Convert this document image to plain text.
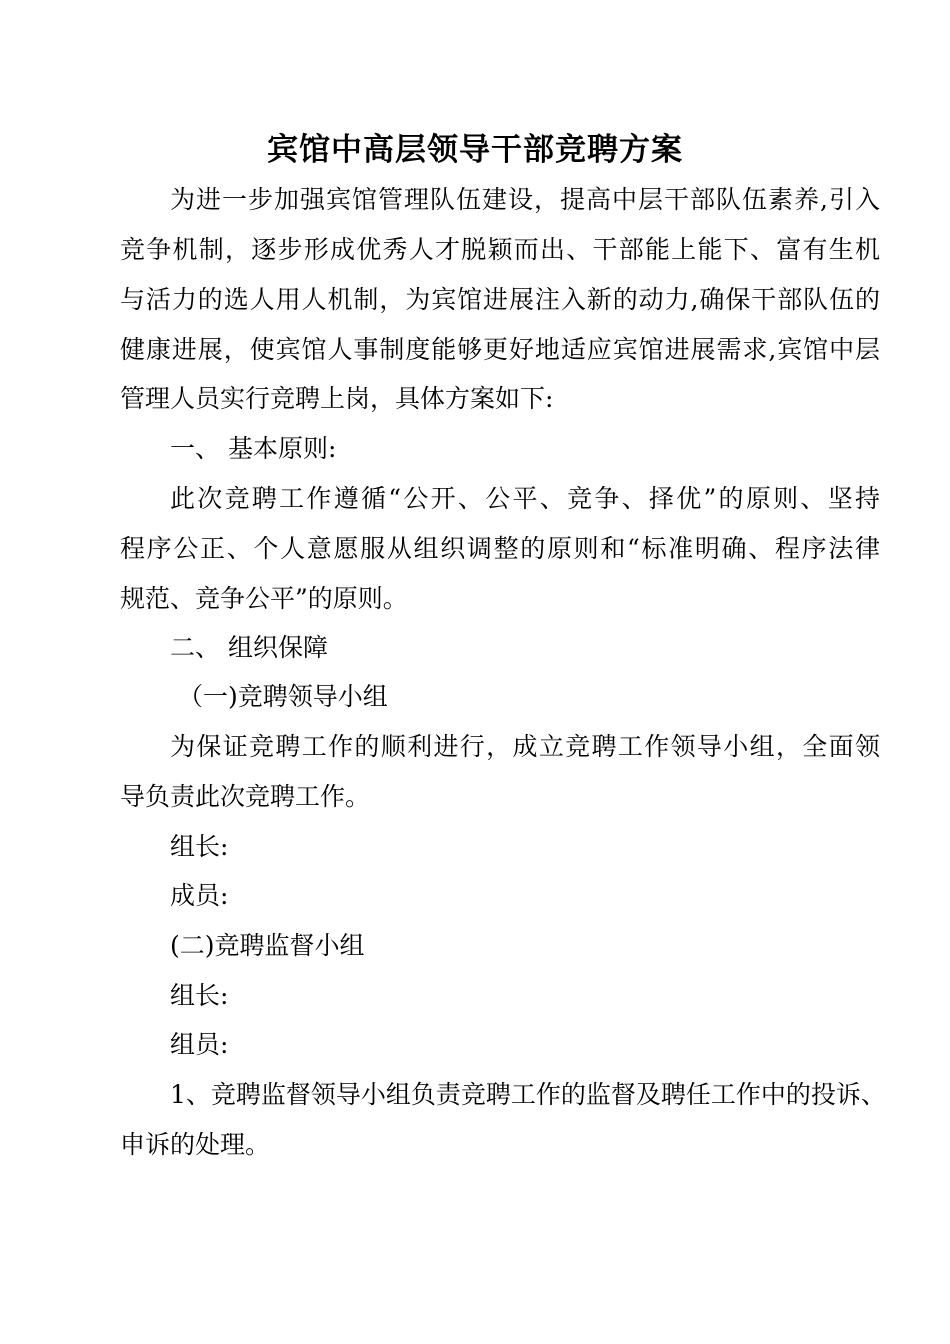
宾馆中高层领导干部竞聘方案
为进一步加强宾馆管理队伍建设，提高中层干部队伍素养,引入
竞争机制，逐步形成优秀人才脱颖而出、干部能上能下、富有生机
与活力的选人用人机制，为宾馆进展注入新的动力,确保干部队伍的
健康进展，使宾馆人事制度能够更好地适应宾馆进展需求,宾馆中层
管理人员实行竞聘上岗，具体方案如下:
一、 基本原则:
此次竞聘工作遵循“公开、公平、竞争、择优”的原则、坚持
程序公正、个人意愿服从组织调整的原则和“标准明确、程序法律
规范、竞争公平”的原则。
二、 组织保障
（一)竞聘领导小组
为保证竞聘工作的顺利进行，成立竞聘工作领导小组，全面领
导负责此次竞聘工作。
组长:
成员:
(二)竞聘监督小组
组长:
组员:
1、竞聘监督领导小组负责竞聘工作的监督及聘任工作中的投诉、
申诉的处理。
